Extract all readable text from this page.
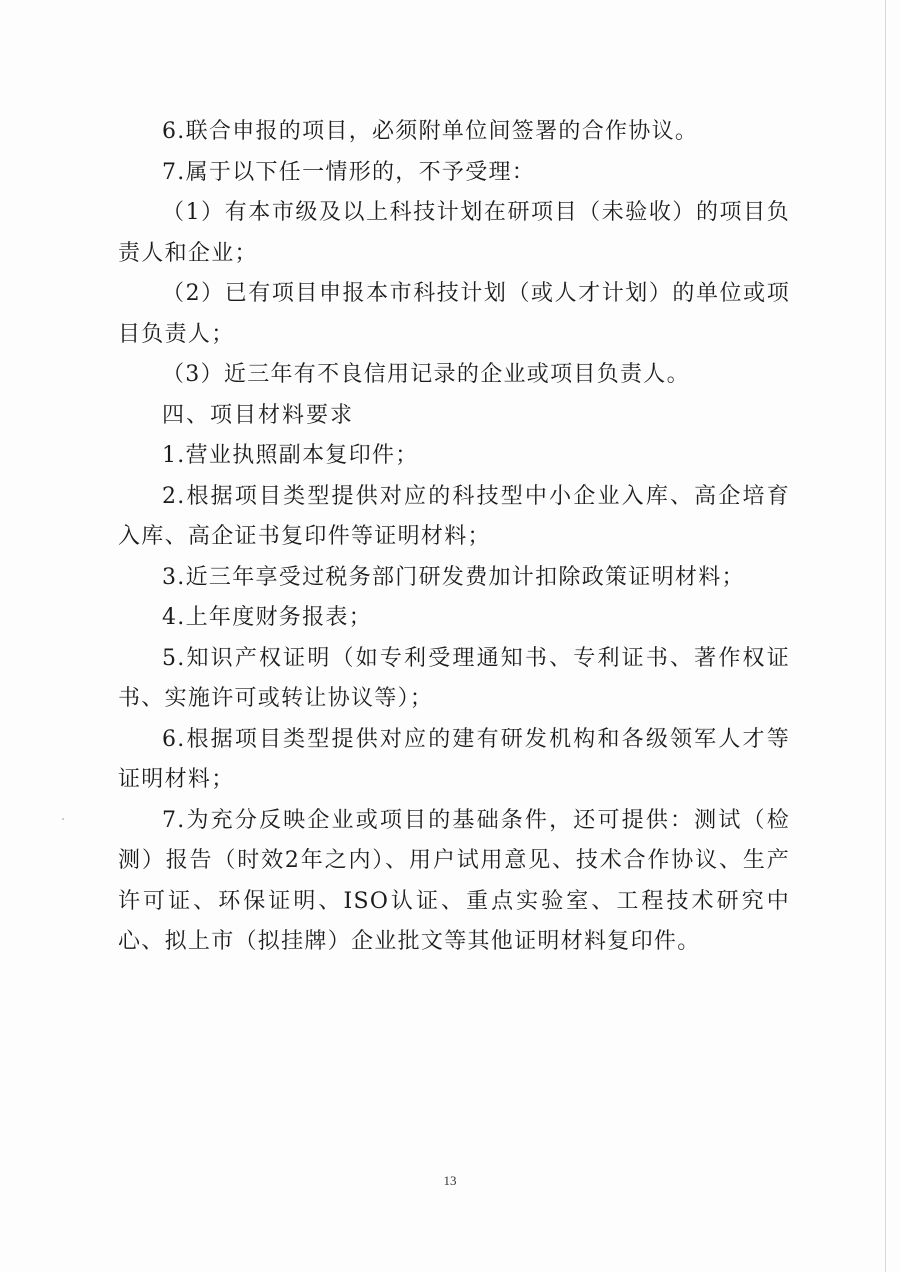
6.联合申报的项目，必须附单位间签署的合作协议。

7.属于以下任一情形的，不予受理：

（1）有本市级及以上科技计划在研项目（未验收）的项目负责人和企业；

（2）已有项目申报本市科技计划（或人才计划）的单位或项目负责人；

（3）近三年有不良信用记录的企业或项目负责人。

四、项目材料要求

1.营业执照副本复印件；

2.根据项目类型提供对应的科技型中小企业入库、高企培育入库、高企证书复印件等证明材料；

3.近三年享受过税务部门研发费加计扣除政策证明材料；

4.上年度财务报表；

5.知识产权证明（如专利受理通知书、专利证书、著作权证书、实施许可或转让协议等）；

6.根据项目类型提供对应的建有研发机构和各级领军人才等证明材料；

7.为充分反映企业或项目的基础条件，还可提供：测试（检测）报告（时效2年之内）、用户试用意见、技术合作协议、生产许可证、环保证明、ISO认证、重点实验室、工程技术研究中心、拟上市（拟挂牌）企业批文等其他证明材料复印件。

13
